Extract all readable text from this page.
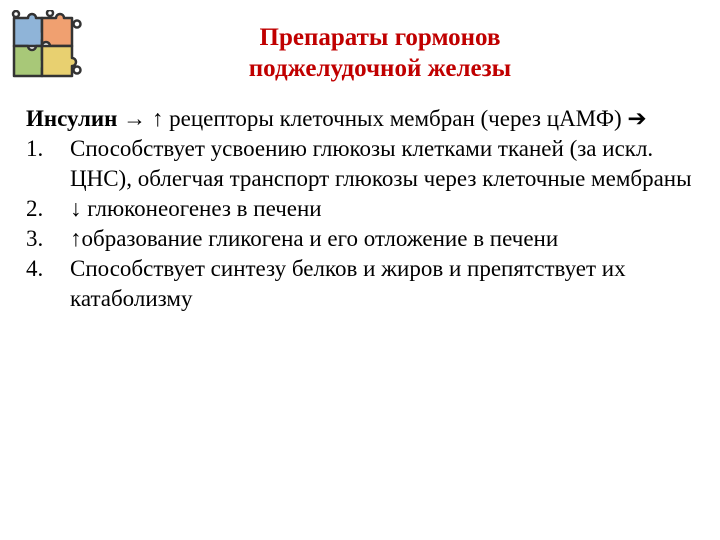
Препараты гормонов
поджелудочной железы

Инсулин → ↑ рецепторы клеточных мембран (через цАМФ) ➔

1. Способствует усвоению глюкозы клетками тканей (за искл. ЦНС), облегчая транспорт глюкозы через клеточные мембраны
2. ↓ глюконеогенез в печени
3. ↑образование гликогена и его отложение в печени
4. Способствует синтезу белков и жиров и препятствует их катаболизму
